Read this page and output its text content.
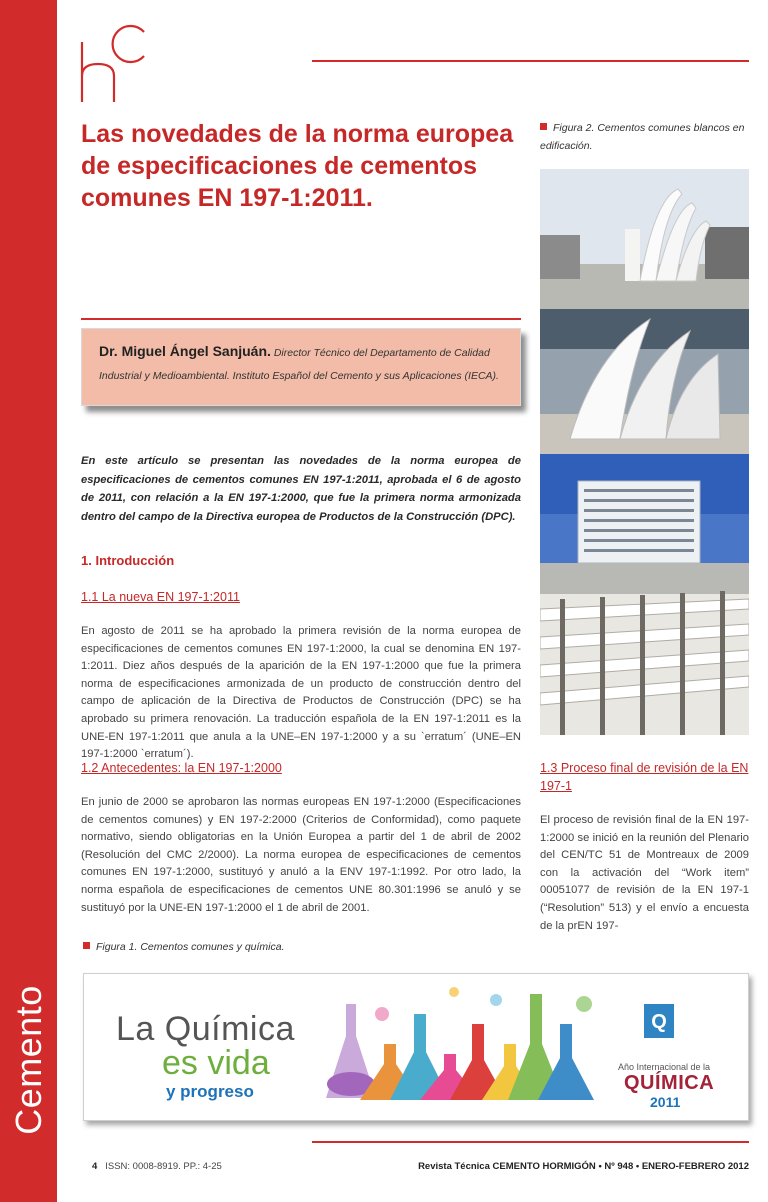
Cemento
Las novedades de la norma europea de especificaciones de cementos comunes EN 197-1:2011.
Dr. Miguel Ángel Sanjuán. Director Técnico del Departamento de Calidad Industrial y Medioambiental. Instituto Español del Cemento y sus Aplicaciones (IECA).
En este artículo se presentan las novedades de la norma europea de especificaciones de cementos comunes EN 197-1:2011, aprobada el 6 de agosto de 2011, con relación a la EN 197-1:2000, que fue la primera norma armonizada dentro del campo de la Directiva europea de Productos de la Construcción (DPC).
1. Introducción
1.1 La nueva EN 197-1:2011
En agosto de 2011 se ha aprobado la primera revisión de la norma europea de especificaciones de cementos comunes EN 197-1:2000, la cual se denomina EN 197-1:2011. Diez años después de la aparición de la EN 197-1:2000 que fue la primera norma de especificaciones armonizada de un producto de construcción dentro del campo de aplicación de la Directiva de Productos de Construcción (DPC) se ha aprobado su primera renovación. La traducción española de la EN 197-1:2011 es la UNE-EN 197-1:2011 que anula a la UNE–EN 197-1:2000 y a su `erratum´ (UNE–EN 197-1:2000 `erratum´).
1.2 Antecedentes: la EN 197-1:2000
En junio de 2000 se aprobaron las normas europeas EN 197-1:2000 (Especificaciones de cementos comunes) y EN 197-2:2000 (Criterios de Conformidad), como paquete normativo, siendo obligatorias en la Unión Europea a partir del 1 de abril de 2002 (Resolución del CMC 2/2000). La norma europea de especificaciones de cementos comunes EN 197-1:2000, sustituyó y anuló a la ENV 197-1:1992. Por otro lado, la norma española de especificaciones de cementos UNE 80.301:1996 se anuló y se sustituyó por la UNE-EN 197-1:2000 el 1 de abril de 2001.
Figura 2. Cementos comunes blancos en edificación.
1.3 Proceso final de revisión de la EN 197-1
El proceso de revisión final de la EN 197-1:2000 se inició en la reunión del Plenario del CEN/TC 51 de Montreaux de 2009 con la activación del “Work item” 00051077 de revisión de la EN 197-1 (“Resolution” 513) y el envío a encuesta de la prEN 197-
Figura 1. Cementos comunes y química.
Q
La Química
es vida
y progreso
Año Internacional de la
QUÍMICA
2011
4 ISSN: 0008-8919. PP.: 4-25	Revista Técnica CEMENTO HORMIGÓN • Nº 948 • ENERO-FEBRERO 2012
